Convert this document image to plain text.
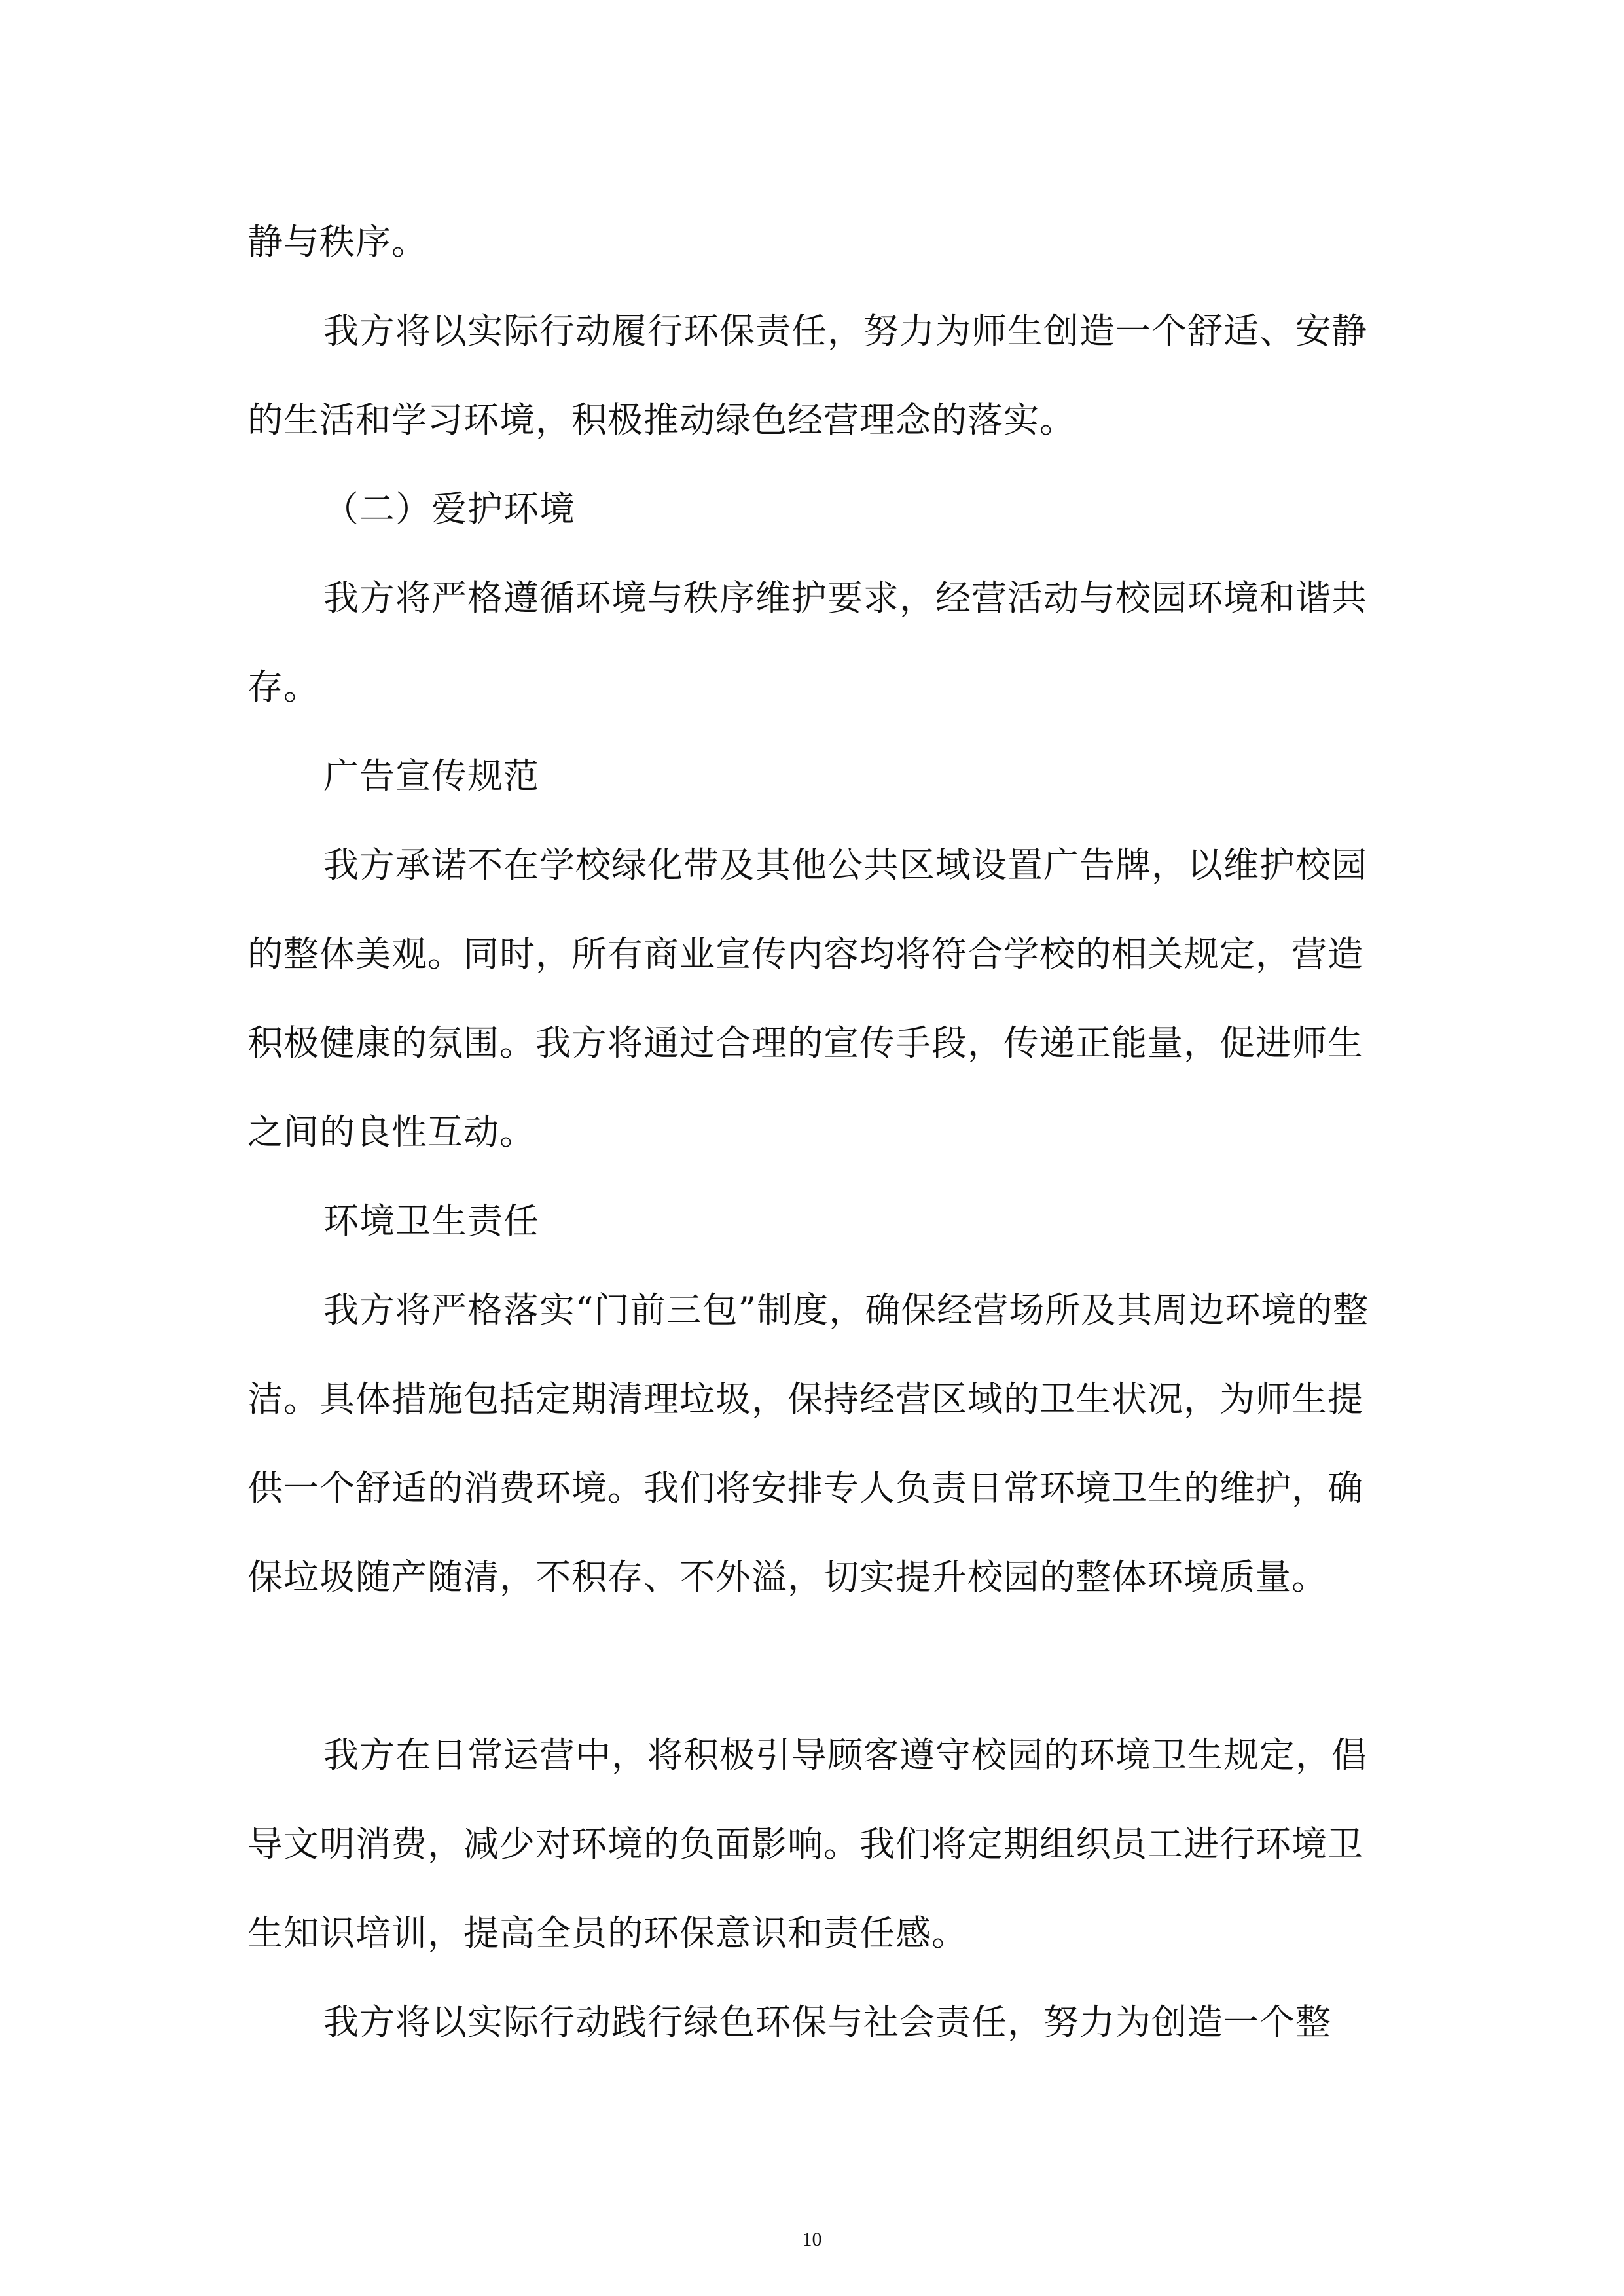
静与秩序。
我方将以实际行动履行环保责任，努力为师生创造一个舒适、安静的生活和学习环境，积极推动绿色经营理念的落实。
（二）爱护环境
我方将严格遵循环境与秩序维护要求，经营活动与校园环境和谐共存。
广告宣传规范
我方承诺不在学校绿化带及其他公共区域设置广告牌，以维护校园的整体美观。同时，所有商业宣传内容均将符合学校的相关规定，营造积极健康的氛围。我方将通过合理的宣传手段，传递正能量，促进师生之间的良性互动。
环境卫生责任
我方将严格落实“门前三包”制度，确保经营场所及其周边环境的整洁。具体措施包括定期清理垃圾，保持经营区域的卫生状况，为师生提供一个舒适的消费环境。我们将安排专人负责日常环境卫生的维护，确保垃圾随产随清，不积存、不外溢，切实提升校园的整体环境质量。
我方在日常运营中，将积极引导顾客遵守校园的环境卫生规定，倡导文明消费，减少对环境的负面影响。我们将定期组织员工进行环境卫生知识培训，提高全员的环保意识和责任感。
我方将以实际行动践行绿色环保与社会责任，努力为创造一个整
10
